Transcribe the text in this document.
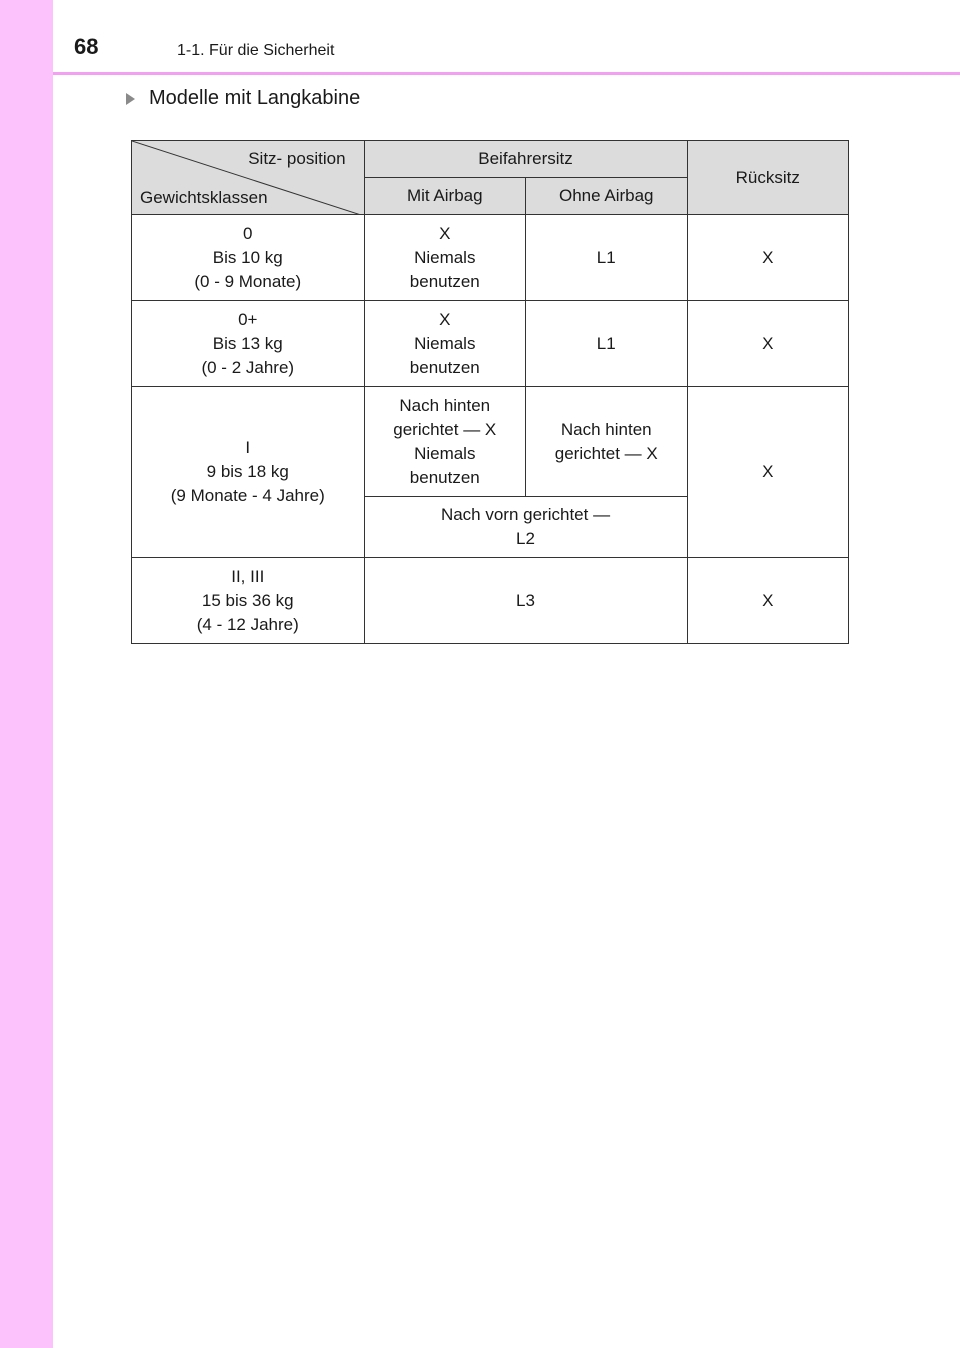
68	1-1. Für die Sicherheit
Modelle mit Langkabine
Sitz- position
Gewichtsklassen	Beifahrersitz		Rücksitz
	Mit Airbag	Ohne Airbag	

0
Bis 10 kg
(0 - 9 Monate)	X
Niemals
benutzen	L1	X

0+
Bis 13 kg
(0 - 2 Jahre)	X
Niemals
benutzen	L1	X

I
9 bis 18 kg
(9 Monate - 4 Jahre)	Nach hinten
gerichtet — X
Niemals
benutzen	Nach hinten
gerichtet — X	X

	Nach vorn gerichtet —
L2		

II, III
15 bis 36 kg
(4 - 12 Jahre)	L3		X
